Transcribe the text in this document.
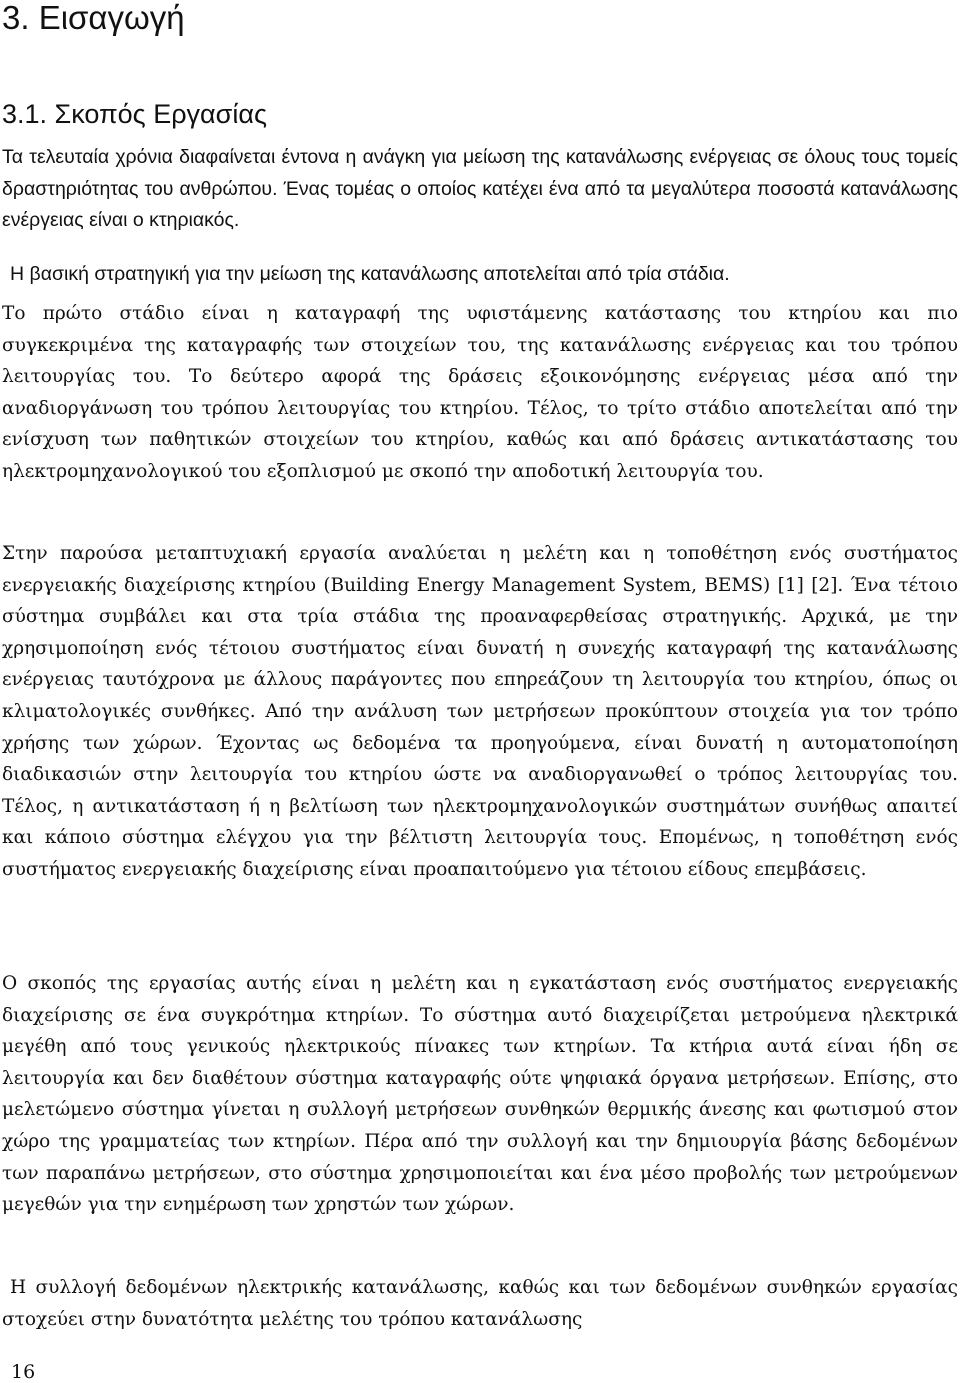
3. Εισαγωγή
3.1. Σκοπός Εργασίας

Τα τελευταία χρόνια διαφαίνεται έντονα η ανάγκη για μείωση της κατανάλωσης ενέργειας σε όλους τους τομείς δραστηριότητας του ανθρώπου. Ένας τομέας ο οποίος κατέχει ένα από τα μεγαλύτερα ποσοστά κατανάλωσης ενέργειας είναι ο κτηριακός.

Η βασική στρατηγική για την μείωση της κατανάλωσης αποτελείται από τρία στάδια.

Το πρώτο στάδιο είναι η καταγραφή της υφιστάμενης κατάστασης του κτηρίου και πιο συγκεκριμένα της καταγραφής των στοιχείων του, της κατανάλωσης ενέργειας και του τρόπου λειτουργίας του. Το δεύτερο αφορά της δράσεις εξοικονόμησης ενέργειας μέσα από την αναδιοργάνωση του τρόπου λειτουργίας του κτηρίου. Τέλος, το τρίτο στάδιο αποτελείται από την ενίσχυση των παθητικών στοιχείων του κτηρίου, καθώς και από δράσεις αντικατάστασης του ηλεκτρομηχανολογικού του εξοπλισμού με σκοπό την αποδοτική λειτουργία του.

Στην παρούσα μεταπτυχιακή εργασία αναλύεται η μελέτη και η τοποθέτηση ενός συστήματος ενεργειακής διαχείρισης κτηρίου (Building Energy Management System, BEMS) [1] [2]. Ένα τέτοιο σύστημα συμβάλει και στα τρία στάδια της προαναφερθείσας στρατηγικής. Αρχικά, με την χρησιμοποίηση ενός τέτοιου συστήματος είναι δυνατή η συνεχής καταγραφή της κατανάλωσης ενέργειας ταυτόχρονα με άλλους παράγοντες που επηρεάζουν τη λειτουργία του κτηρίου, όπως οι κλιματολογικές συνθήκες. Από την ανάλυση των μετρήσεων προκύπτουν στοιχεία για τον τρόπο χρήσης των χώρων. Έχοντας ως δεδομένα τα προηγούμενα, είναι δυνατή η αυτοματοποίηση διαδικασιών στην λειτουργία του κτηρίου ώστε να αναδιοργανωθεί ο τρόπος λειτουργίας του. Τέλος, η αντικατάσταση ή η βελτίωση των ηλεκτρομηχανολογικών συστημάτων συνήθως απαιτεί και κάποιο σύστημα ελέγχου για την βέλτιστη λειτουργία τους. Επομένως, η τοποθέτηση ενός συστήματος ενεργειακής διαχείρισης είναι προαπαιτούμενο για τέτοιου είδους επεμβάσεις.

Ο σκοπός της εργασίας αυτής είναι η μελέτη και η εγκατάσταση ενός συστήματος ενεργειακής διαχείρισης σε ένα συγκρότημα κτηρίων. Το σύστημα αυτό διαχειρίζεται μετρούμενα ηλεκτρικά μεγέθη από τους γενικούς ηλεκτρικούς πίνακες των κτηρίων. Τα κτήρια αυτά είναι ήδη σε λειτουργία και δεν διαθέτουν σύστημα καταγραφής ούτε ψηφιακά όργανα μετρήσεων. Επίσης, στο μελετώμενο σύστημα γίνεται η συλλογή μετρήσεων συνθηκών θερμικής άνεσης και φωτισμού στον χώρο της γραμματείας των κτηρίων. Πέρα από την συλλογή και την δημιουργία βάσης δεδομένων των παραπάνω μετρήσεων, στο σύστημα χρησιμοποιείται και ένα μέσο προβολής των μετρούμενων μεγεθών για την ενημέρωση των χρηστών των χώρων.

Η συλλογή δεδομένων ηλεκτρικής κατανάλωσης, καθώς και των δεδομένων συνθηκών εργασίας στοχεύει στην δυνατότητα μελέτης του τρόπου κατανάλωσης

16
